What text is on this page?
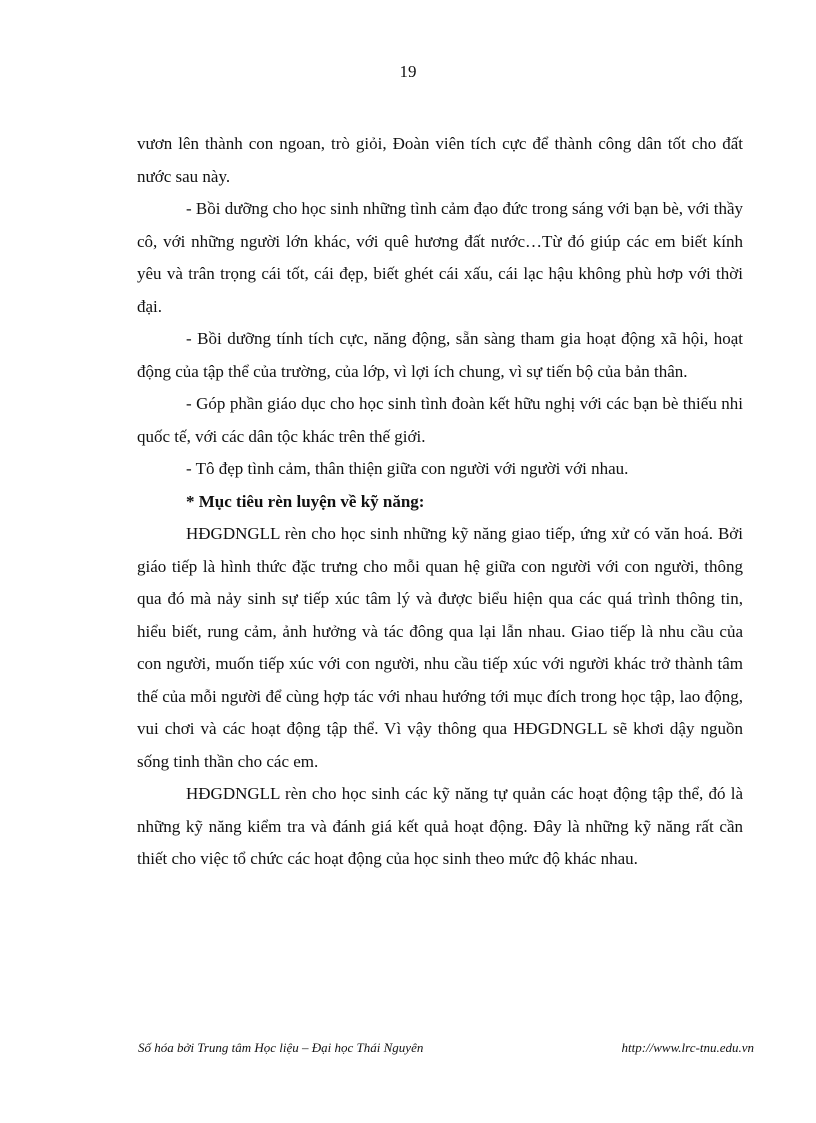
19

vươn lên thành con ngoan, trò giỏi, Đoàn viên tích cực để thành công dân tốt cho đất nước sau này.

- Bồi dưỡng cho học sinh những tình cảm đạo đức trong sáng với bạn bè, với thầy cô, với những người lớn khác, với quê hương đất nước…Từ đó giúp các em biết kính yêu và trân trọng cái tốt, cái đẹp, biết ghét cái xấu, cái lạc hậu không phù hơp với thời đại.

- Bồi dưỡng tính tích cực, năng động, sẵn sàng tham gia hoạt động xã hội, hoạt động của tập thể của trường, của lớp, vì lợi ích chung, vì sự tiến bộ của bản thân.

- Góp phần giáo dục cho học sinh tình đoàn kết hữu nghị với các bạn bè thiếu nhi quốc tế, với các dân tộc khác trên thế giới.

- Tô đẹp tình cảm, thân thiện giữa con người với người với nhau.

* Mục tiêu rèn luyện về kỹ năng:

HĐGDNGLL rèn cho học sinh những kỹ năng giao tiếp, ứng xử có văn hoá. Bởi giáo tiếp là hình thức đặc trưng cho mỗi quan hệ giữa con người với con người, thông qua đó mà nảy sinh sự tiếp xúc tâm lý và được biểu hiện qua các quá trình thông tin, hiểu biết, rung cảm, ảnh hưởng và tác đông qua lại lẫn nhau. Giao tiếp là nhu cầu của con người, muốn tiếp xúc với con người, nhu cầu tiếp xúc với người khác trở thành tâm thế của mỗi người để cùng hợp tác với nhau hướng tới mục đích trong học tập, lao động, vui chơi và các hoạt động tập thể. Vì vậy thông qua HĐGDNGLL sẽ khơi dậy nguồn sống tinh thần cho các em.

HĐGDNGLL rèn cho học sinh các kỹ năng tự quản các hoạt động tập thể, đó là những kỹ năng kiểm tra và đánh giá kết quả hoạt động. Đây là những kỹ năng rất cần thiết cho việc tổ chức các hoạt động của học sinh theo mức độ khác nhau.

Số hóa bởi Trung tâm Học liệu – Đại học Thái Nguyên	http://www.lrc-tnu.edu.vn
